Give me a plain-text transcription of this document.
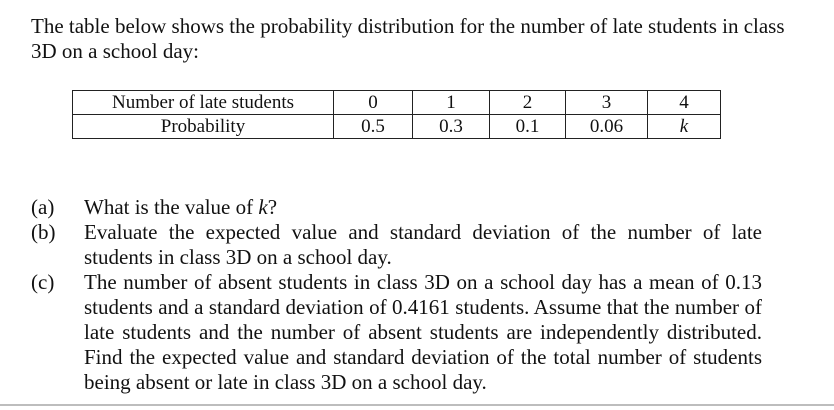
The table below shows the probability distribution for the number of late students in class 3D on a school day:
Number of late students	0	1	2	3	4
Probability	0.5	0.3	0.1	0.06	k
(a)	What is the value of k?
(b)	Evaluate the expected value and standard deviation of the number of late students in class 3D on a school day.
(c)	The number of absent students in class 3D on a school day has a mean of 0.13 students and a standard deviation of 0.4161 students. Assume that the number of late students and the number of absent students are independently distributed. Find the expected value and standard deviation of the total number of students being absent or late in class 3D on a school day.
